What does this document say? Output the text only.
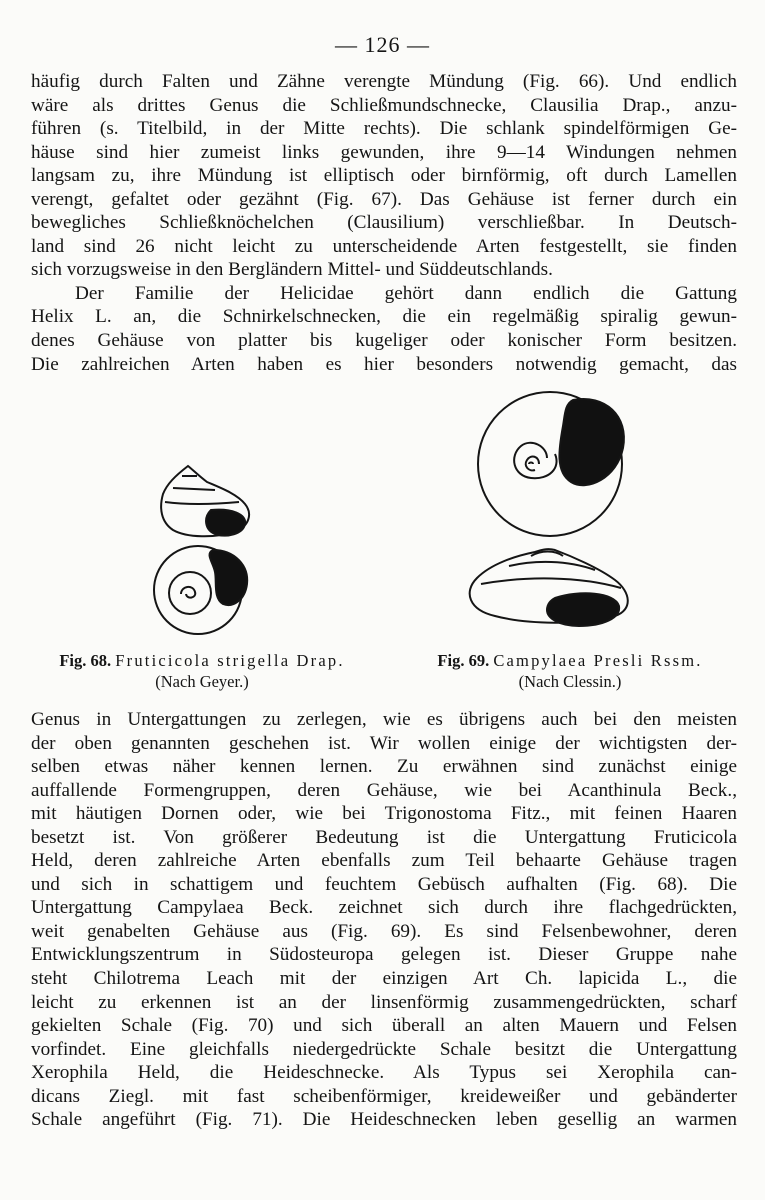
— 126 —
häufig durch Falten und Zähne verengte Mündung (Fig. 66). Und endlich
wäre als drittes Genus die Schließmundschnecke, Clausilia Drap., anzu-
führen (s. Titelbild, in der Mitte rechts). Die schlank spindelförmigen Ge-
häuse sind hier zumeist links gewunden, ihre 9—14 Windungen nehmen
langsam zu, ihre Mündung ist elliptisch oder birnförmig, oft durch Lamellen
verengt, gefaltet oder gezähnt (Fig. 67). Das Gehäuse ist ferner durch ein
bewegliches Schließknöchelchen (Clausilium) verschließbar. In Deutsch-
land sind 26 nicht leicht zu unterscheidende Arten festgestellt, sie finden
sich vorzugsweise in den Bergländern Mittel- und Süddeutschlands.
Der Familie der Helicidae gehört dann endlich die Gattung
Helix L. an, die Schnirkelschnecken, die ein regelmäßig spiralig gewun-
denes Gehäuse von platter bis kugeliger oder konischer Form besitzen.
Die zahlreichen Arten haben es hier besonders notwendig gemacht, das
Fig. 68. Fruticicola strigella Drap.
(Nach Geyer.)
Fig. 69. Campylaea Presli Rssm.
(Nach Clessin.)
Genus in Untergattungen zu zerlegen, wie es übrigens auch bei den meisten
der oben genannten geschehen ist. Wir wollen einige der wichtigsten der-
selben etwas näher kennen lernen. Zu erwähnen sind zunächst einige
auffallende Formengruppen, deren Gehäuse, wie bei Acanthinula Beck.,
mit häutigen Dornen oder, wie bei Trigonostoma Fitz., mit feinen Haaren
besetzt ist. Von größerer Bedeutung ist die Untergattung Fruticicola
Held, deren zahlreiche Arten ebenfalls zum Teil behaarte Gehäuse tragen
und sich in schattigem und feuchtem Gebüsch aufhalten (Fig. 68). Die
Untergattung Campylaea Beck. zeichnet sich durch ihre flachgedrückten,
weit genabelten Gehäuse aus (Fig. 69). Es sind Felsenbewohner, deren
Entwicklungszentrum in Südosteuropa gelegen ist. Dieser Gruppe nahe
steht Chilotrema Leach mit der einzigen Art Ch. lapicida L., die
leicht zu erkennen ist an der linsenförmig zusammengedrückten, scharf
gekielten Schale (Fig. 70) und sich überall an alten Mauern und Felsen
vorfindet. Eine gleichfalls niedergedrückte Schale besitzt die Untergattung
Xerophila Held, die Heideschnecke. Als Typus sei Xerophila can-
dicans Ziegl. mit fast scheibenförmiger, kreideweißer und gebänderter
Schale angeführt (Fig. 71). Die Heideschnecken leben gesellig an warmen
